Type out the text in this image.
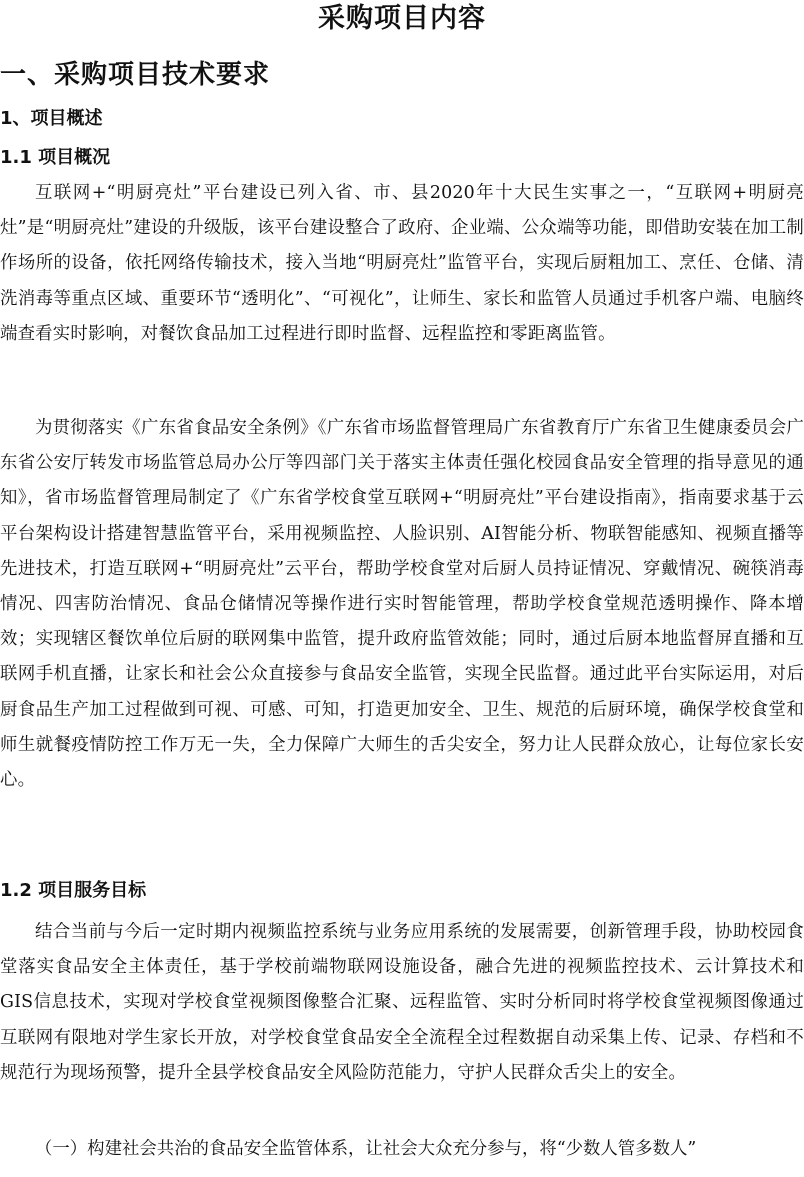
采购项目内容
一、采购项目技术要求
1、项目概述
1.1 项目概况

互联网+“明厨亮灶”平台建设已列入省、市、县2020年十大民生实事之一，“互联网+明厨亮灶”是“明厨亮灶”建设的升级版，该平台建设整合了政府、企业端、公众端等功能，即借助安装在加工制作场所的设备，依托网络传输技术，接入当地“明厨亮灶”监管平台，实现后厨粗加工、烹任、仓储、清洗消毒等重点区域、重要环节“透明化”、“可视化”，让师生、家长和监管人员通过手机客户端、电脑终端查看实时影响，对餐饮食品加工过程进行即时监督、远程监控和零距离监管。

为贯彻落实《广东省食品安全条例》《广东省市场监督管理局广东省教育厅广东省卫生健康委员会广东省公安厅转发市场监管总局办公厅等四部门关于落实主体责任强化校园食品安全管理的指导意见的通知》，省市场监督管理局制定了《广东省学校食堂互联网+“明厨亮灶”平台建设指南》，指南要求基于云平台架构设计搭建智慧监管平台，采用视频监控、人脸识别、AI智能分析、物联智能感知、视频直播等先进技术，打造互联网+“明厨亮灶”云平台，帮助学校食堂对后厨人员持证情况、穿戴情况、碗筷消毒情况、四害防治情况、食品仓储情况等操作进行实时智能管理，帮助学校食堂规范透明操作、降本增效；实现辖区餐饮单位后厨的联网集中监管，提升政府监管效能；同时，通过后厨本地监督屏直播和互联网手机直播，让家长和社会公众直接参与食品安全监管，实现全民监督。通过此平台实际运用，对后厨食品生产加工过程做到可视、可感、可知，打造更加安全、卫生、规范的后厨环境，确保学校食堂和师生就餐疫情防控工作万无一失，全力保障广大师生的舌尖安全，努力让人民群众放心，让每位家长安心。

1.2 项目服务目标

结合当前与今后一定时期内视频监控系统与业务应用系统的发展需要，创新管理手段，协助校园食堂落实食品安全主体责任，基于学校前端物联网设施设备，融合先进的视频监控技术、云计算技术和GIS信息技术，实现对学校食堂视频图像整合汇聚、远程监管、实时分析同时将学校食堂视频图像通过互联网有限地对学生家长开放，对学校食堂食品安全全流程全过程数据自动采集上传、记录、存档和不规范行为现场预警，提升全县学校食品安全风险防范能力，守护人民群众舌尖上的安全。

（一）构建社会共治的食品安全监管体系，让社会大众充分参与，将“少数人管多数人”
